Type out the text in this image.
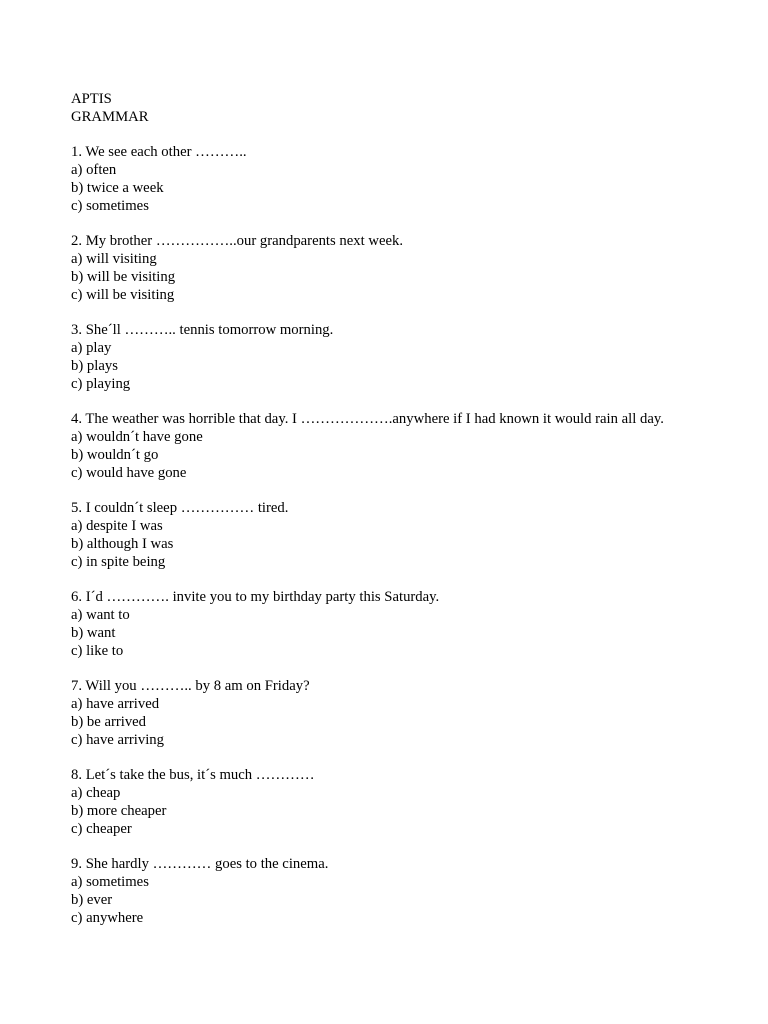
APTIS
GRAMMAR
1. We see each other ………..
a) often
b) twice a week
c) sometimes
2. My brother ……………..our grandparents next week.
a) will visiting
b) will be visiting
c) will be visiting
3. She´ll ……….. tennis tomorrow morning.
a) play
b) plays
c) playing
4. The weather was horrible that day. I ……………….anywhere if I had known it would rain all day.
a) wouldn´t have gone
b) wouldn´t go
c) would have gone
5. I couldn´t sleep …………… tired.
a) despite I was
b) although I was
c) in spite being
6. I´d …………. invite you to my birthday party this Saturday.
a) want to
b) want
c) like to
7. Will you ……….. by 8 am on Friday?
a) have arrived
b) be arrived
c) have arriving
8. Let´s take the bus, it´s much …………
a) cheap
b) more cheaper
c) cheaper
9. She hardly ………… goes to the cinema.
a) sometimes
b) ever
c) anywhere
